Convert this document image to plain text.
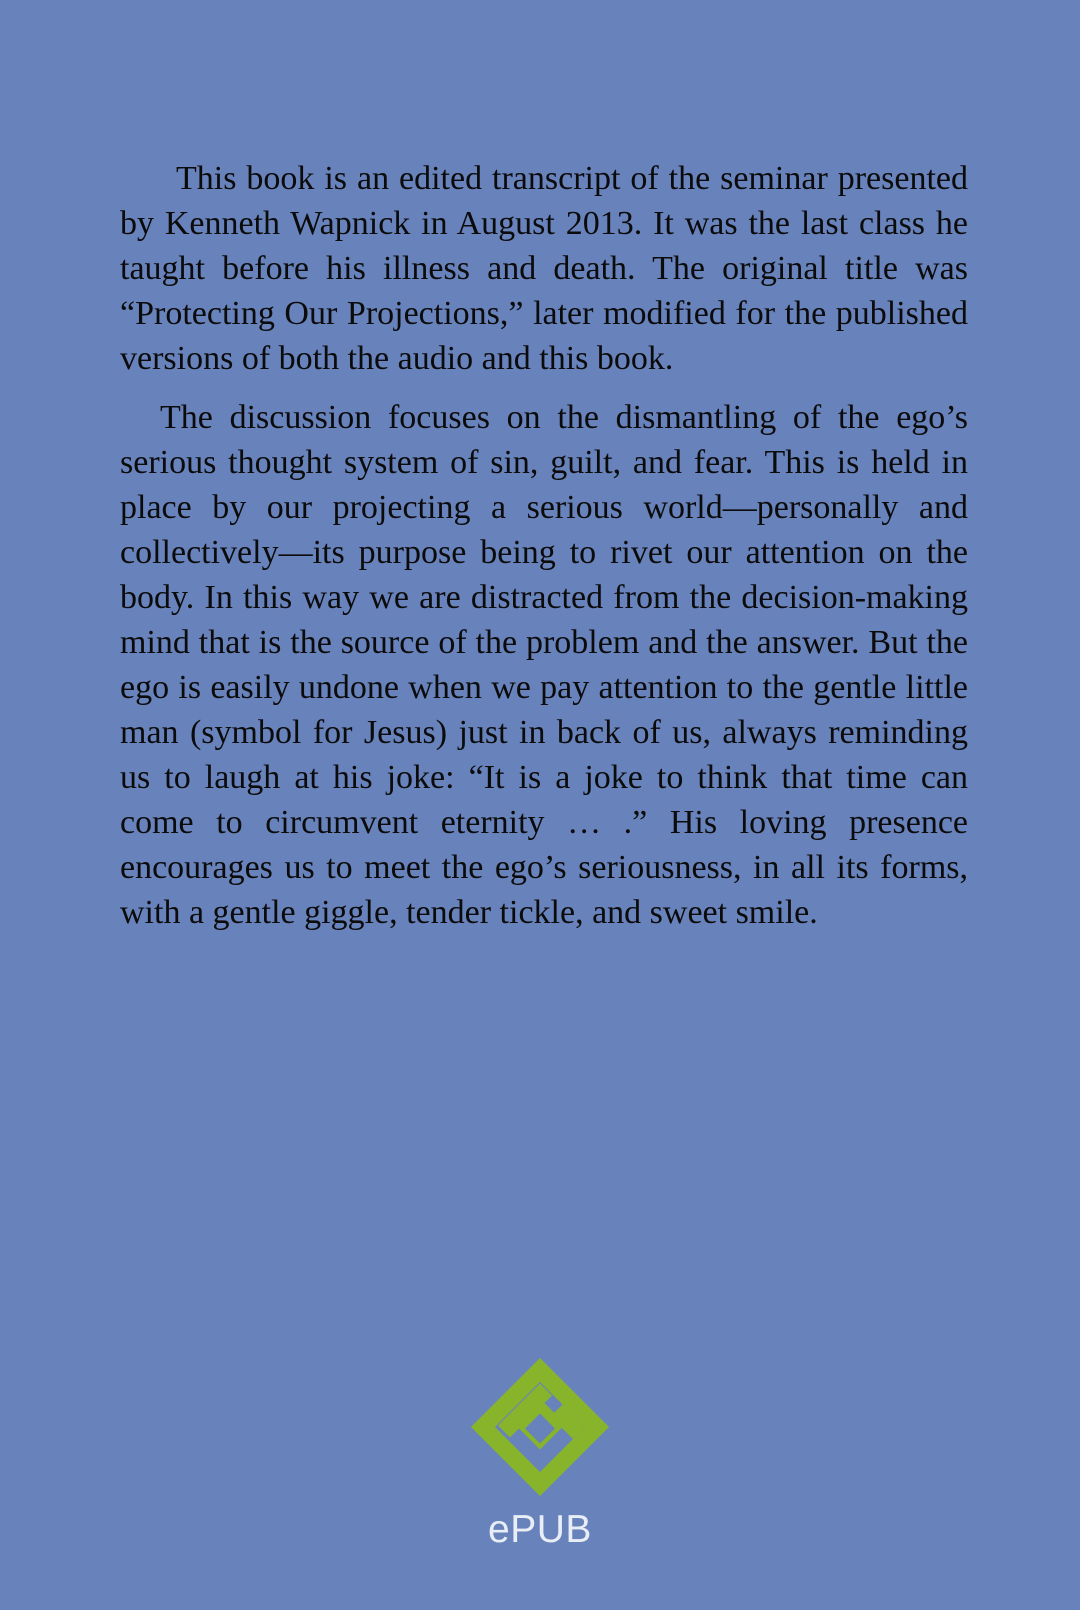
This book is an edited transcript of the seminar presented by Kenneth Wapnick in August 2013. It was the last class he taught before his illness and death. The original title was “Protecting Our Projections,” later modified for the published versions of both the audio and this book.

The discussion focuses on the dismantling of the ego’s serious thought system of sin, guilt, and fear. This is held in place by our projecting a serious world—personally and collectively—its purpose being to rivet our attention on the body. In this way we are distracted from the decision-making mind that is the source of the problem and the answer. But the ego is easily undone when we pay attention to the gentle little man (symbol for Jesus) just in back of us, always reminding us to laugh at his joke: “It is a joke to think that time can come to circumvent eternity … .” His loving presence encourages us to meet the ego’s seriousness, in all its forms, with a gentle giggle, tender tickle, and sweet smile.

ePUB
